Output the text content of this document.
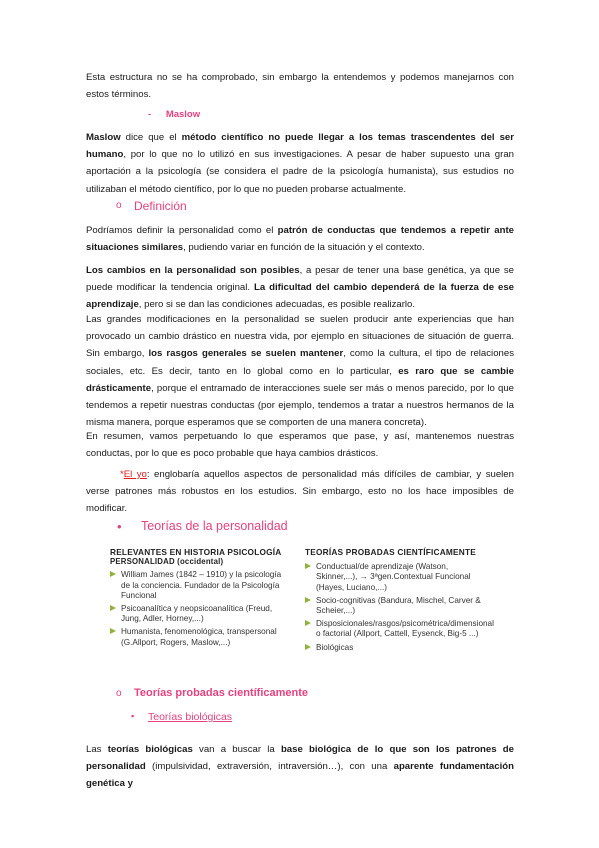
Esta estructura no se ha comprobado, sin embargo la entendemos y podemos manejarnos con estos términos.

- Maslow

Maslow dice que el método científico no puede llegar a los temas trascendentes del ser humano, por lo que no lo utilizó en sus investigaciones. A pesar de haber supuesto una gran aportación a la psicología (se considera el padre de la psicología humanista), sus estudios no utilizaban el método científico, por lo que no pueden probarse actualmente.

o Definición

Podríamos definir la personalidad como el patrón de conductas que tendemos a repetir ante situaciones similares, pudiendo variar en función de la situación y el contexto.

Los cambios en la personalidad son posibles, a pesar de tener una base genética, ya que se puede modificar la tendencia original. La dificultad del cambio dependerá de la fuerza de ese aprendizaje, pero si se dan las condiciones adecuadas, es posible realizarlo.

Las grandes modificaciones en la personalidad se suelen producir ante experiencias que han provocado un cambio drástico en nuestra vida, por ejemplo en situaciones de situación de guerra. Sin embargo, los rasgos generales se suelen mantener, como la cultura, el tipo de relaciones sociales, etc. Es decir, tanto en lo global como en lo particular, es raro que se cambie drásticamente, porque el entramado de interacciones suele ser más o menos parecido, por lo que tendemos a repetir nuestras conductas (por ejemplo, tendemos a tratar a nuestros hermanos de la misma manera, porque esperamos que se comporten de una manera concreta).

En resumen, vamos perpetuando lo que esperamos que pase, y así, mantenemos nuestras conductas, por lo que es poco probable que haya cambios drásticos.

*El yo: englobaría aquellos aspectos de personalidad más difíciles de cambiar, y suelen verse patrones más robustos en los estudios. Sin embargo, esto no los hace imposibles de modificar.

• Teorías de la personalidad
RELEVANTES EN HISTORIA PSICOLOGÍA
PERSONALIDAD (occidental)
William James (1842 – 1910) y la psicología de la conciencia. Fundador de la Psicología Funcional
Psicoanalítica y neopsicoanalítica (Freud, Jung, Adler, Horney,...)
Humanista, fenomenológica, transpersonal (G.Allport, Rogers, Maslow,...)
TEORÍAS PROBADAS CIENTÍFICAMENTE
Conductual/de aprendizaje (Watson, Skinner,...), → 3ªgen.Contextual Funcional (Hayes, Luciano,...)
Socio-cognitivas (Bandura, Mischel, Carver & Scheier,...)
Disposicionales/rasgos/psicométrica/dimensional o factorial (Allport, Cattell, Eysenck, Big-5 ...)
Biológicas
o Teorías probadas científicamente
▪ Teorías biológicas

Las teorías biológicas van a buscar la base biológica de lo que son los patrones de personalidad (impulsividad, extraversión, intraversión…), con una aparente fundamentación genética y
